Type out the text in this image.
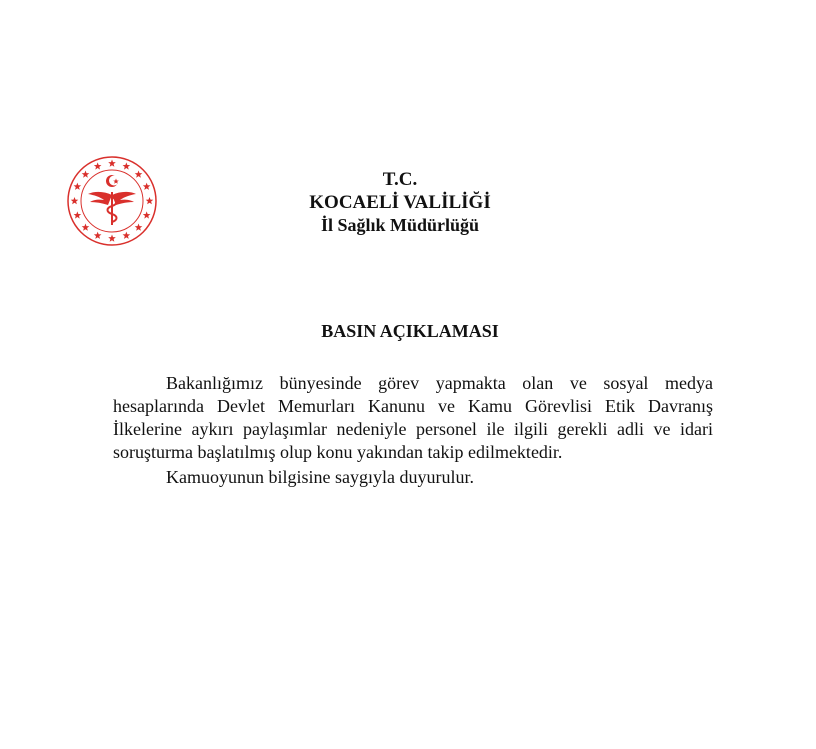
T.C.
KOCAELİ VALİLİĞİ
İl Sağlık Müdürlüğü
BASIN AÇIKLAMASI

Bakanlığımız bünyesinde görev yapmakta olan ve sosyal medya hesaplarında Devlet Memurları Kanunu ve Kamu Görevlisi Etik Davranış İlkelerine aykırı paylaşımlar nedeniyle personel ile ilgili gerekli adli ve idari soruşturma başlatılmış olup konu yakından takip edilmektedir.

Kamuoyunun bilgisine saygıyla duyurulur.
